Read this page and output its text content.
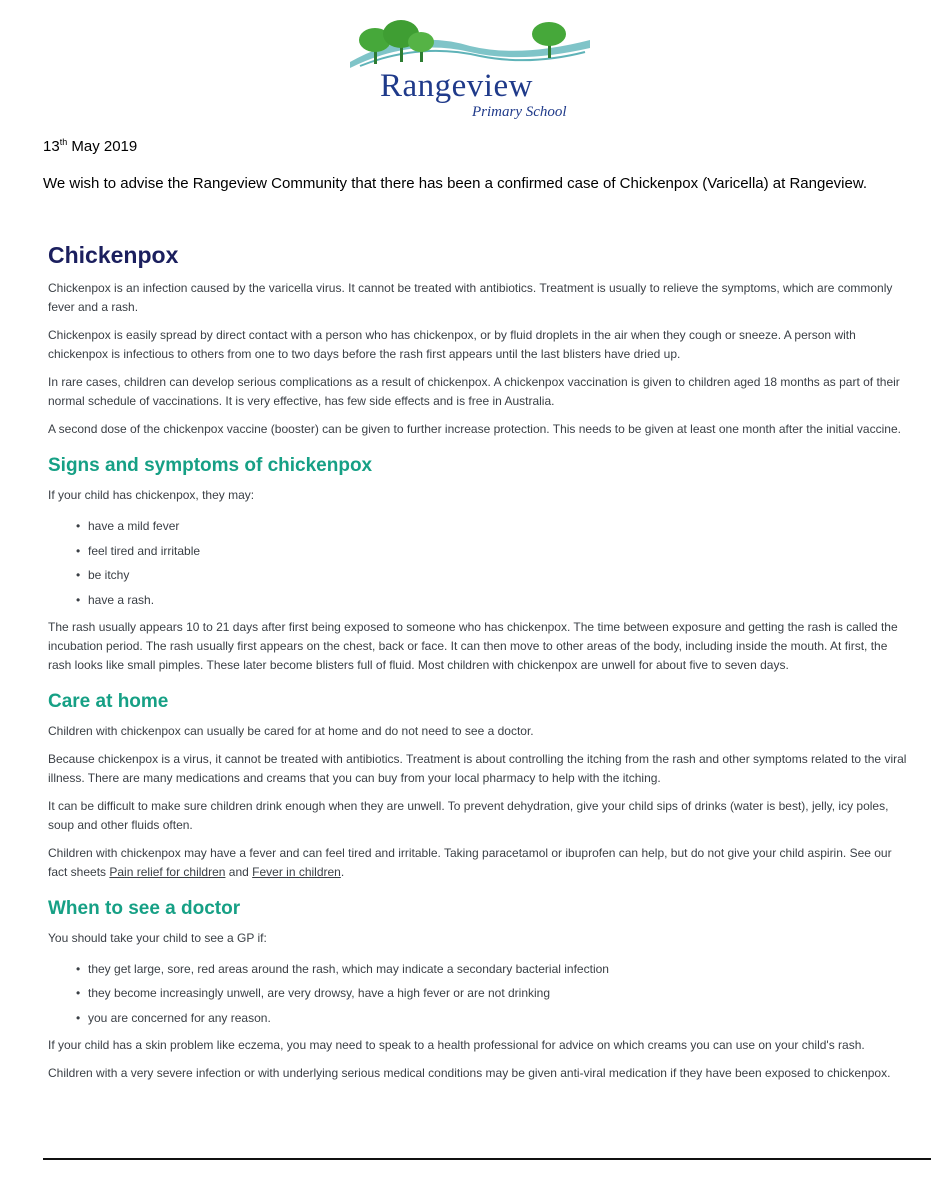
Rangeview
Primary School
13th May 2019
We wish to advise the Rangeview Community that there has been a confirmed case of Chickenpox (Varicella) at Rangeview.
Chickenpox

Chickenpox is an infection caused by the varicella virus. It cannot be treated with antibiotics. Treatment is usually to relieve the symptoms, which are commonly fever and a rash.

Chickenpox is easily spread by direct contact with a person who has chickenpox, or by fluid droplets in the air when they cough or sneeze. A person with chickenpox is infectious to others from one to two days before the rash first appears until the last blisters have dried up.

In rare cases, children can develop serious complications as a result of chickenpox. A chickenpox vaccination is given to children aged 18 months as part of their normal schedule of vaccinations. It is very effective, has few side effects and is free in Australia.

A second dose of the chickenpox vaccine (booster) can be given to further increase protection. This needs to be given at least one month after the initial vaccine.

Signs and symptoms of chickenpox

If your child has chickenpox, they may:

• have a mild fever
• feel tired and irritable
• be itchy
• have a rash.

The rash usually appears 10 to 21 days after first being exposed to someone who has chickenpox. The time between exposure and getting the rash is called the incubation period. The rash usually first appears on the chest, back or face. It can then move to other areas of the body, including inside the mouth. At first, the rash looks like small pimples. These later become blisters full of fluid. Most children with chickenpox are unwell for about five to seven days.

Care at home

Children with chickenpox can usually be cared for at home and do not need to see a doctor.

Because chickenpox is a virus, it cannot be treated with antibiotics. Treatment is about controlling the itching from the rash and other symptoms related to the viral illness. There are many medications and creams that you can buy from your local pharmacy to help with the itching.

It can be difficult to make sure children drink enough when they are unwell. To prevent dehydration, give your child sips of drinks (water is best), jelly, icy poles, soup and other fluids often.

Children with chickenpox may have a fever and can feel tired and irritable. Taking paracetamol or ibuprofen can help, but do not give your child aspirin. See our fact sheets Pain relief for children and Fever in children.

When to see a doctor

You should take your child to see a GP if:

• they get large, sore, red areas around the rash, which may indicate a secondary bacterial infection
• they become increasingly unwell, are very drowsy, have a high fever or are not drinking
• you are concerned for any reason.

If your child has a skin problem like eczema, you may need to speak to a health professional for advice on which creams you can use on your child's rash.

Children with a very severe infection or with underlying serious medical conditions may be given anti-viral medication if they have been exposed to chickenpox.
